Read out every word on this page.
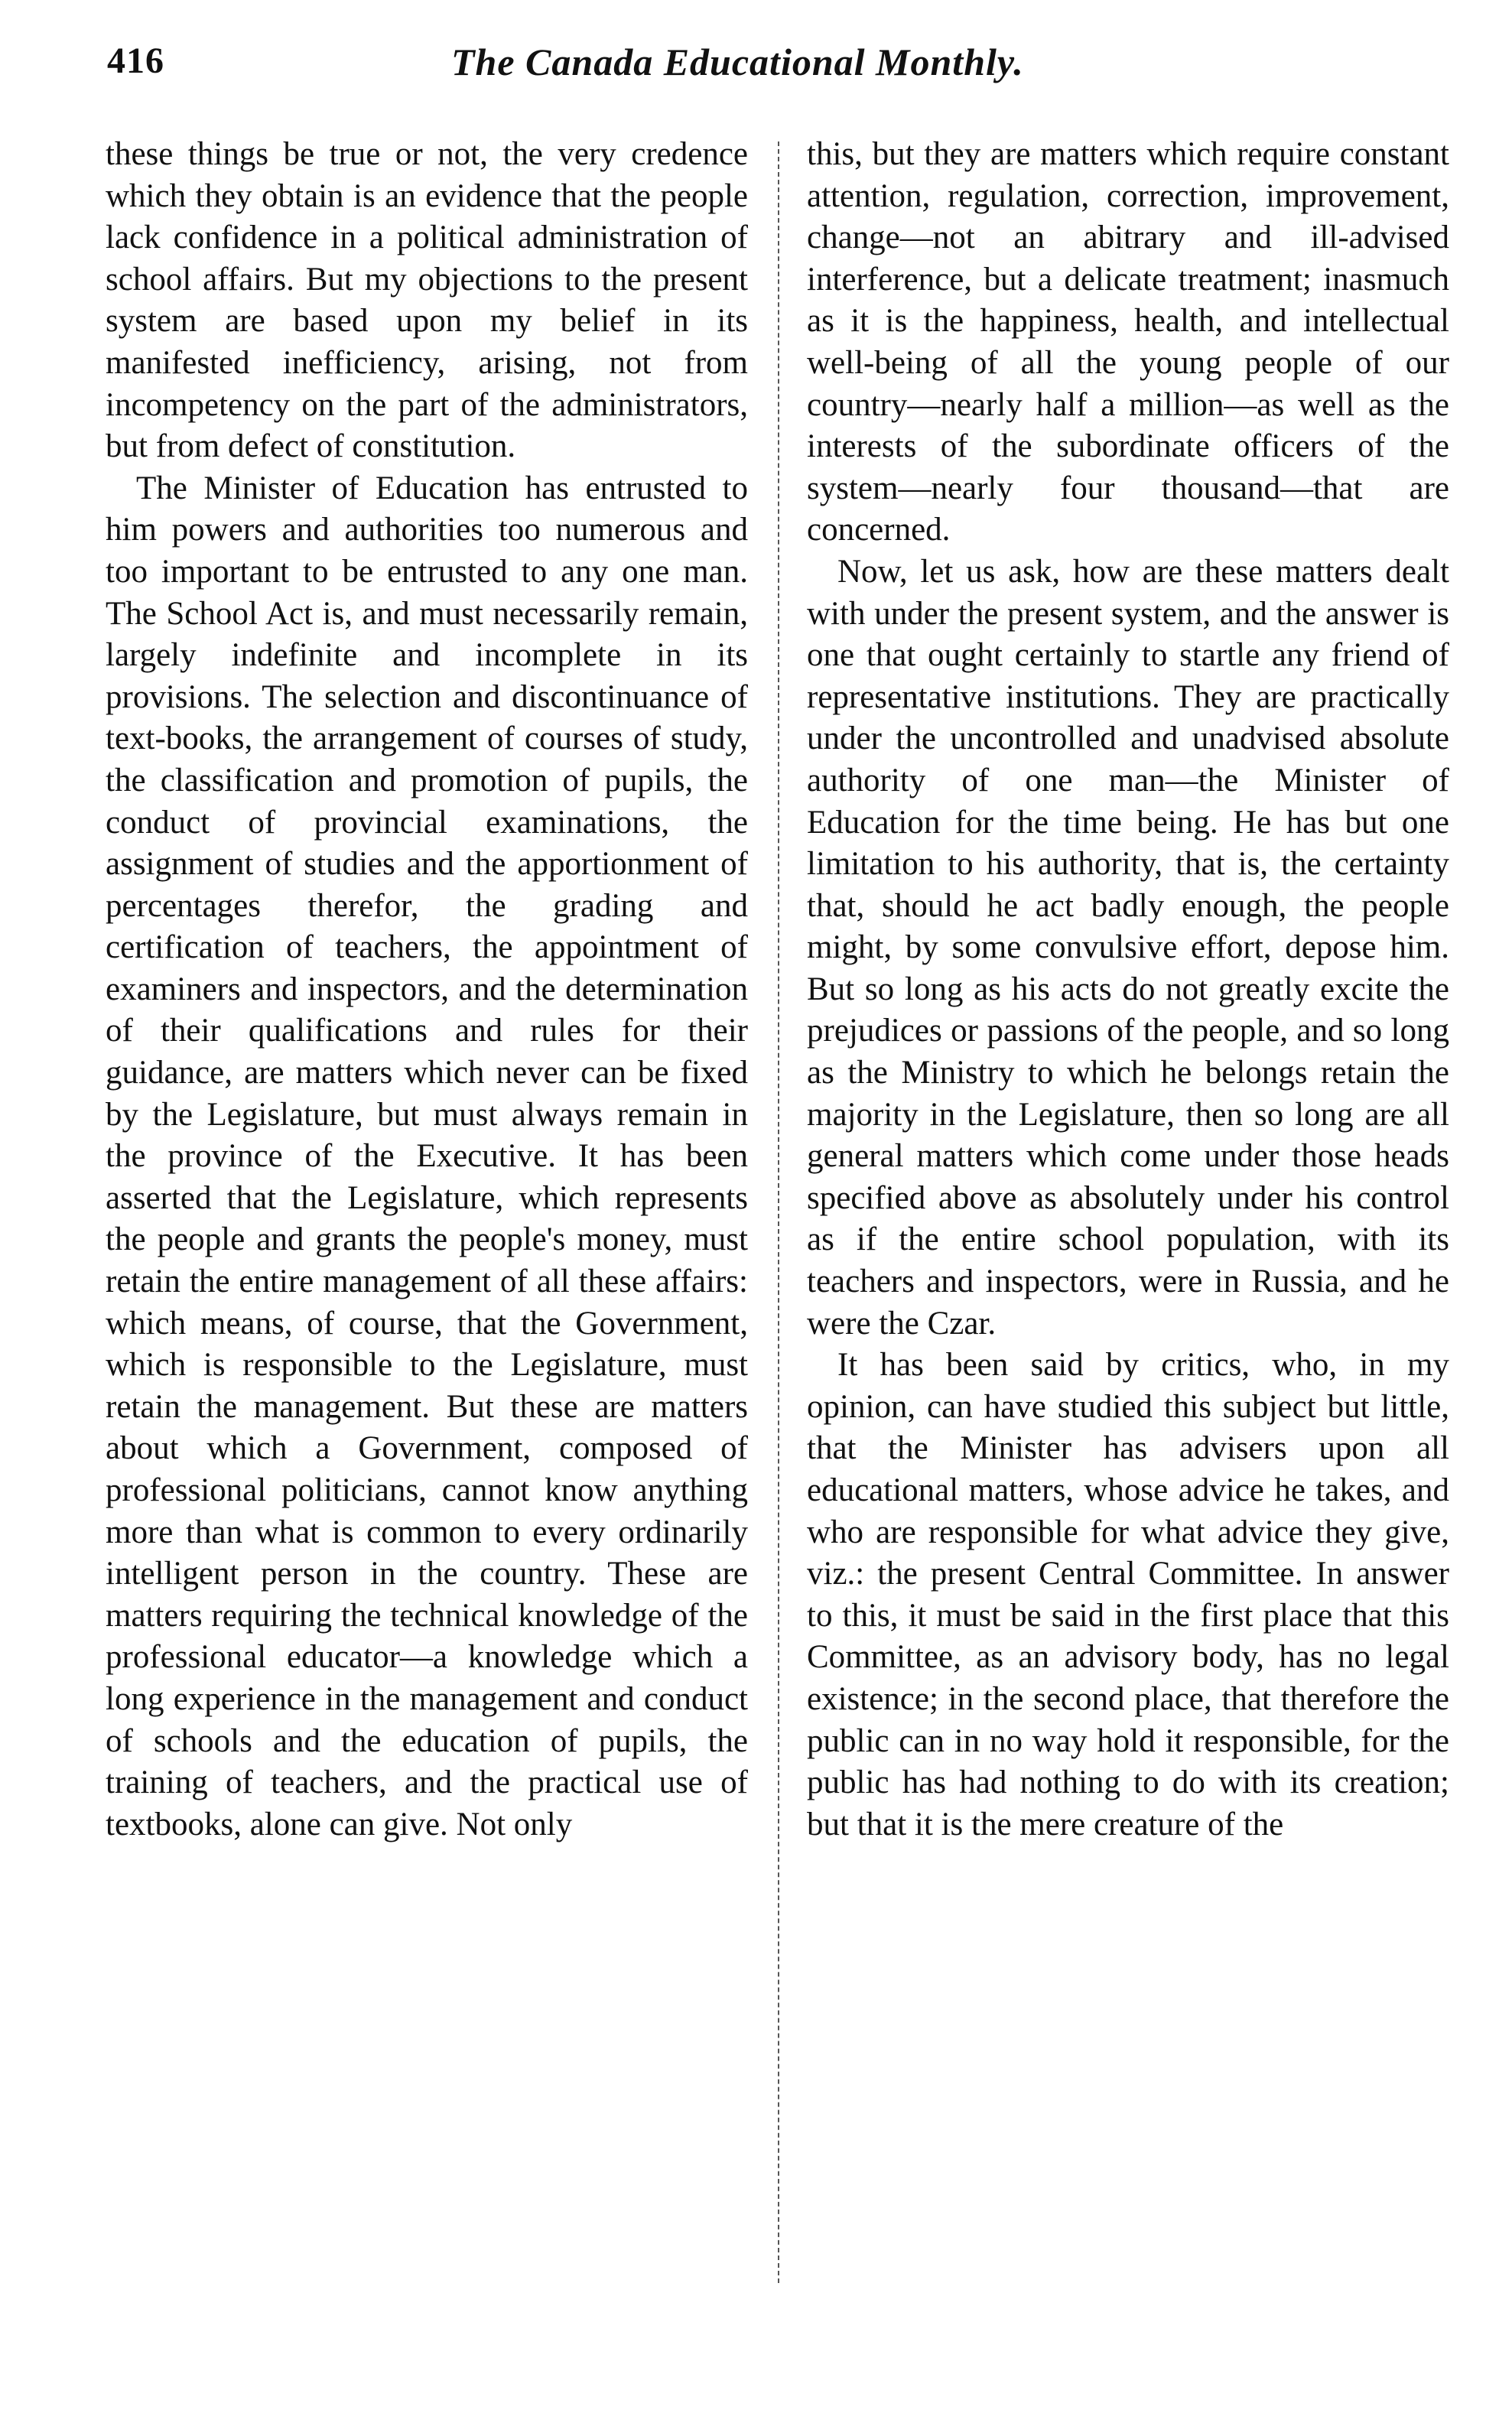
416	The Canada Educational Monthly.

these things be true or not, the very credence which they obtain is an evidence that the people lack confidence in a political administration of school affairs. But my objections to the present system are based upon my belief in its manifested inefficiency, arising, not from incompetency on the part of the administrators, but from defect of constitution.

The Minister of Education has entrusted to him powers and authorities too numerous and too important to be entrusted to any one man. The School Act is, and must necessarily remain, largely indefinite and incomplete in its provisions. The selection and discontinuance of text-books, the arrangement of courses of study, the classification and promotion of pupils, the conduct of provincial examinations, the assignment of studies and the apportionment of percentages therefor, the grading and certification of teachers, the appointment of examiners and inspectors, and the determination of their qualifications and rules for their guidance, are matters which never can be fixed by the Legislature, but must always remain in the province of the Executive. It has been asserted that the Legislature, which represents the people and grants the people's money, must retain the entire management of all these affairs: which means, of course, that the Government, which is responsible to the Legislature, must retain the management. But these are matters about which a Government, composed of professional politicians, cannot know anything more than what is common to every ordinarily intelligent person in the country. These are matters requiring the technical knowledge of the professional educator—a knowledge which a long experience in the management and conduct of schools and the education of pupils, the training of teachers, and the practical use of textbooks, alone can give. Not only

this, but they are matters which require constant attention, regulation, correction, improvement, change—not an abitrary and ill-advised interference, but a delicate treatment; inasmuch as it is the happiness, health, and intellectual well-being of all the young people of our country—nearly half a million—as well as the interests of the subordinate officers of the system—nearly four thousand—that are concerned.

Now, let us ask, how are these matters dealt with under the present system, and the answer is one that ought certainly to startle any friend of representative institutions. They are practically under the uncontrolled and unadvised absolute authority of one man—the Minister of Education for the time being. He has but one limitation to his authority, that is, the certainty that, should he act badly enough, the people might, by some convulsive effort, depose him. But so long as his acts do not greatly excite the prejudices or passions of the people, and so long as the Ministry to which he belongs retain the majority in the Legislature, then so long are all general matters which come under those heads specified above as absolutely under his control as if the entire school population, with its teachers and inspectors, were in Russia, and he were the Czar.

It has been said by critics, who, in my opinion, can have studied this subject but little, that the Minister has advisers upon all educational matters, whose advice he takes, and who are responsible for what advice they give, viz.: the present Central Committee. In answer to this, it must be said in the first place that this Committee, as an advisory body, has no legal existence; in the second place, that therefore the public can in no way hold it responsible, for the public has had nothing to do with its creation; but that it is the mere creature of the
